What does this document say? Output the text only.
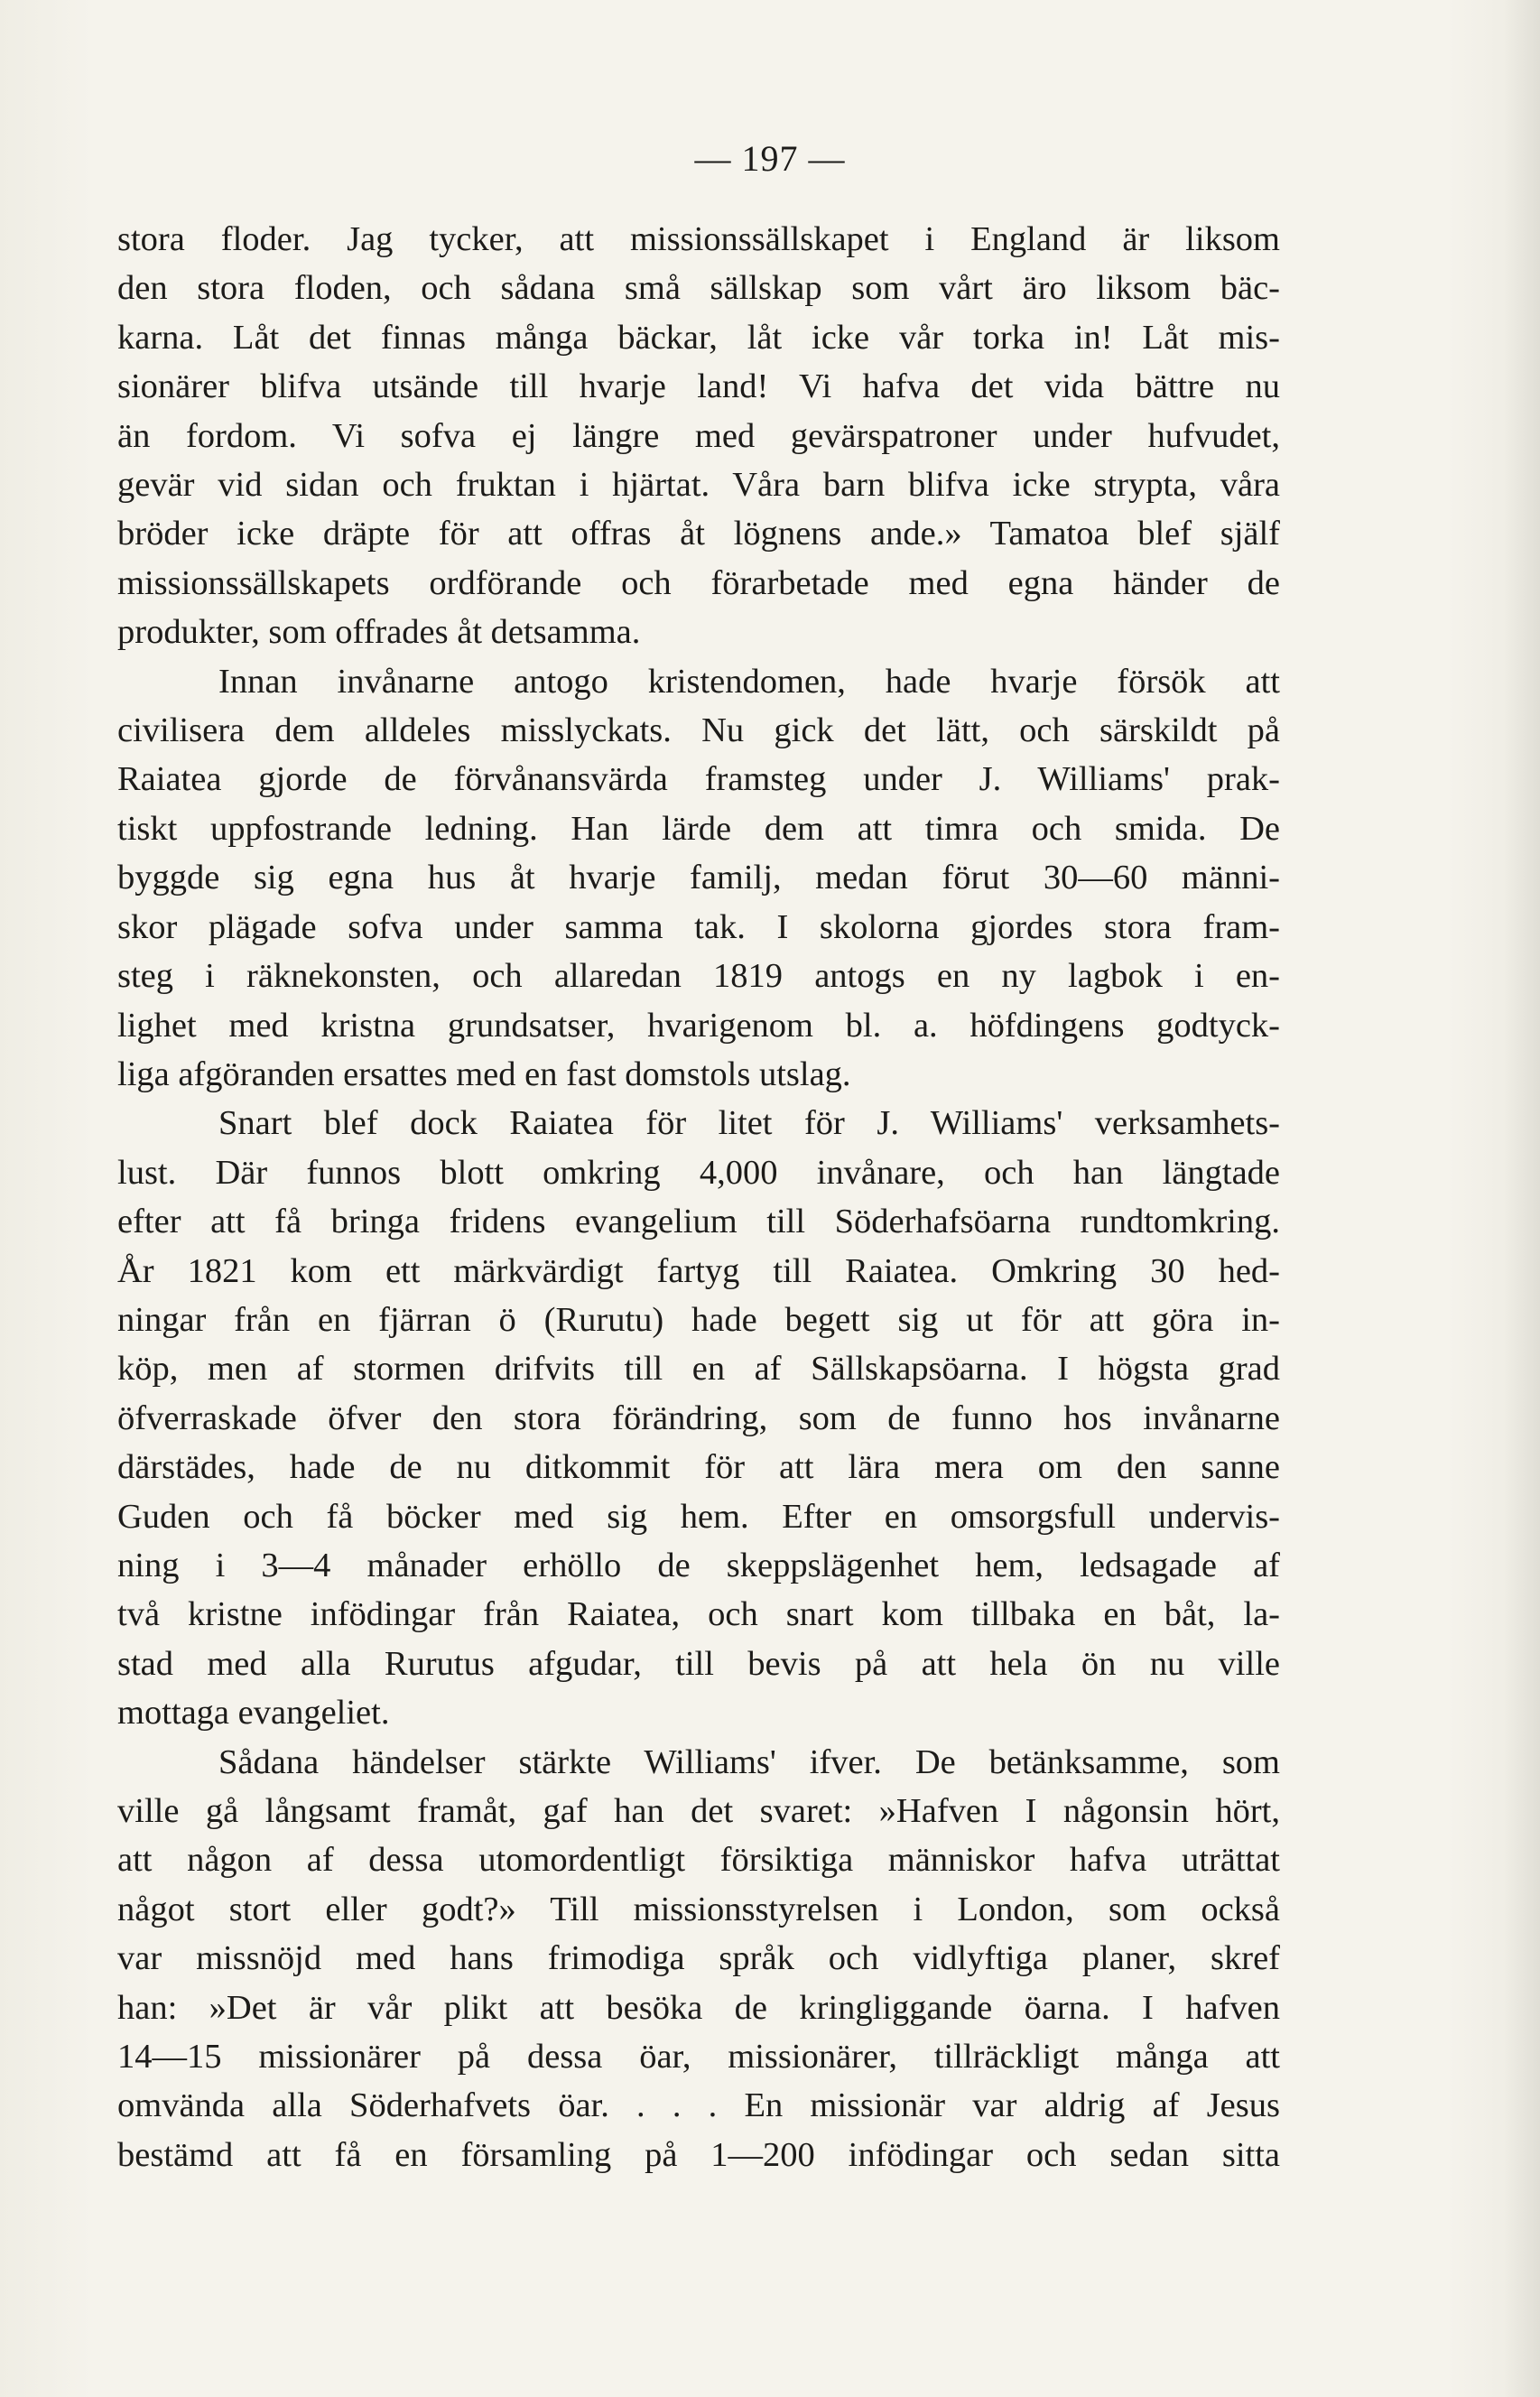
— 197 —
stora floder. Jag tycker, att missionssällskapet i England är liksom
den stora floden, och sådana små sällskap som vårt äro liksom bäc-
karna. Låt det finnas många bäckar, låt icke vår torka in! Låt mis-
sionärer blifva utsände till hvarje land! Vi hafva det vida bättre nu
än fordom. Vi sofva ej längre med gevärspatroner under hufvudet,
gevär vid sidan och fruktan i hjärtat. Våra barn blifva icke strypta, våra
bröder icke dräpte för att offras åt lögnens ande.» Tamatoa blef själf
missionssällskapets ordförande och förarbetade med egna händer de
produkter, som offrades åt detsamma.
Innan invånarne antogo kristendomen, hade hvarje försök att
civilisera dem alldeles misslyckats. Nu gick det lätt, och särskildt på
Raiatea gjorde de förvånansvärda framsteg under J. Williams' prak-
tiskt uppfostrande ledning. Han lärde dem att timra och smida. De
byggde sig egna hus åt hvarje familj, medan förut 30—60 männi-
skor plägade sofva under samma tak. I skolorna gjordes stora fram-
steg i räknekonsten, och allaredan 1819 antogs en ny lagbok i en-
lighet med kristna grundsatser, hvarigenom bl. a. höfdingens godtyck-
liga afgöranden ersattes med en fast domstols utslag.
Snart blef dock Raiatea för litet för J. Williams' verksamhets-
lust. Där funnos blott omkring 4,000 invånare, och han längtade
efter att få bringa fridens evangelium till Söderhafsöarna rundtomkring.
År 1821 kom ett märkvärdigt fartyg till Raiatea. Omkring 30 hed-
ningar från en fjärran ö (Rurutu) hade begett sig ut för att göra in-
köp, men af stormen drifvits till en af Sällskapsöarna. I högsta grad
öfverraskade öfver den stora förändring, som de funno hos invånarne
därstädes, hade de nu ditkommit för att lära mera om den sanne
Guden och få böcker med sig hem. Efter en omsorgsfull undervis-
ning i 3—4 månader erhöllo de skeppslägenhet hem, ledsagade af
två kristne infödingar från Raiatea, och snart kom tillbaka en båt, la-
stad med alla Rurutus afgudar, till bevis på att hela ön nu ville
mottaga evangeliet.
Sådana händelser stärkte Williams' ifver. De betänksamme, som
ville gå långsamt framåt, gaf han det svaret: »Hafven I någonsin hört,
att någon af dessa utomordentligt försiktiga människor hafva uträttat
något stort eller godt?» Till missionsstyrelsen i London, som också
var missnöjd med hans frimodiga språk och vidlyftiga planer, skref
han: »Det är vår plikt att besöka de kringliggande öarna. I hafven
14—15 missionärer på dessa öar, missionärer, tillräckligt många att
omvända alla Söderhafvets öar. . . . En missionär var aldrig af Jesus
bestämd att få en församling på 1—200 infödingar och sedan sitta
